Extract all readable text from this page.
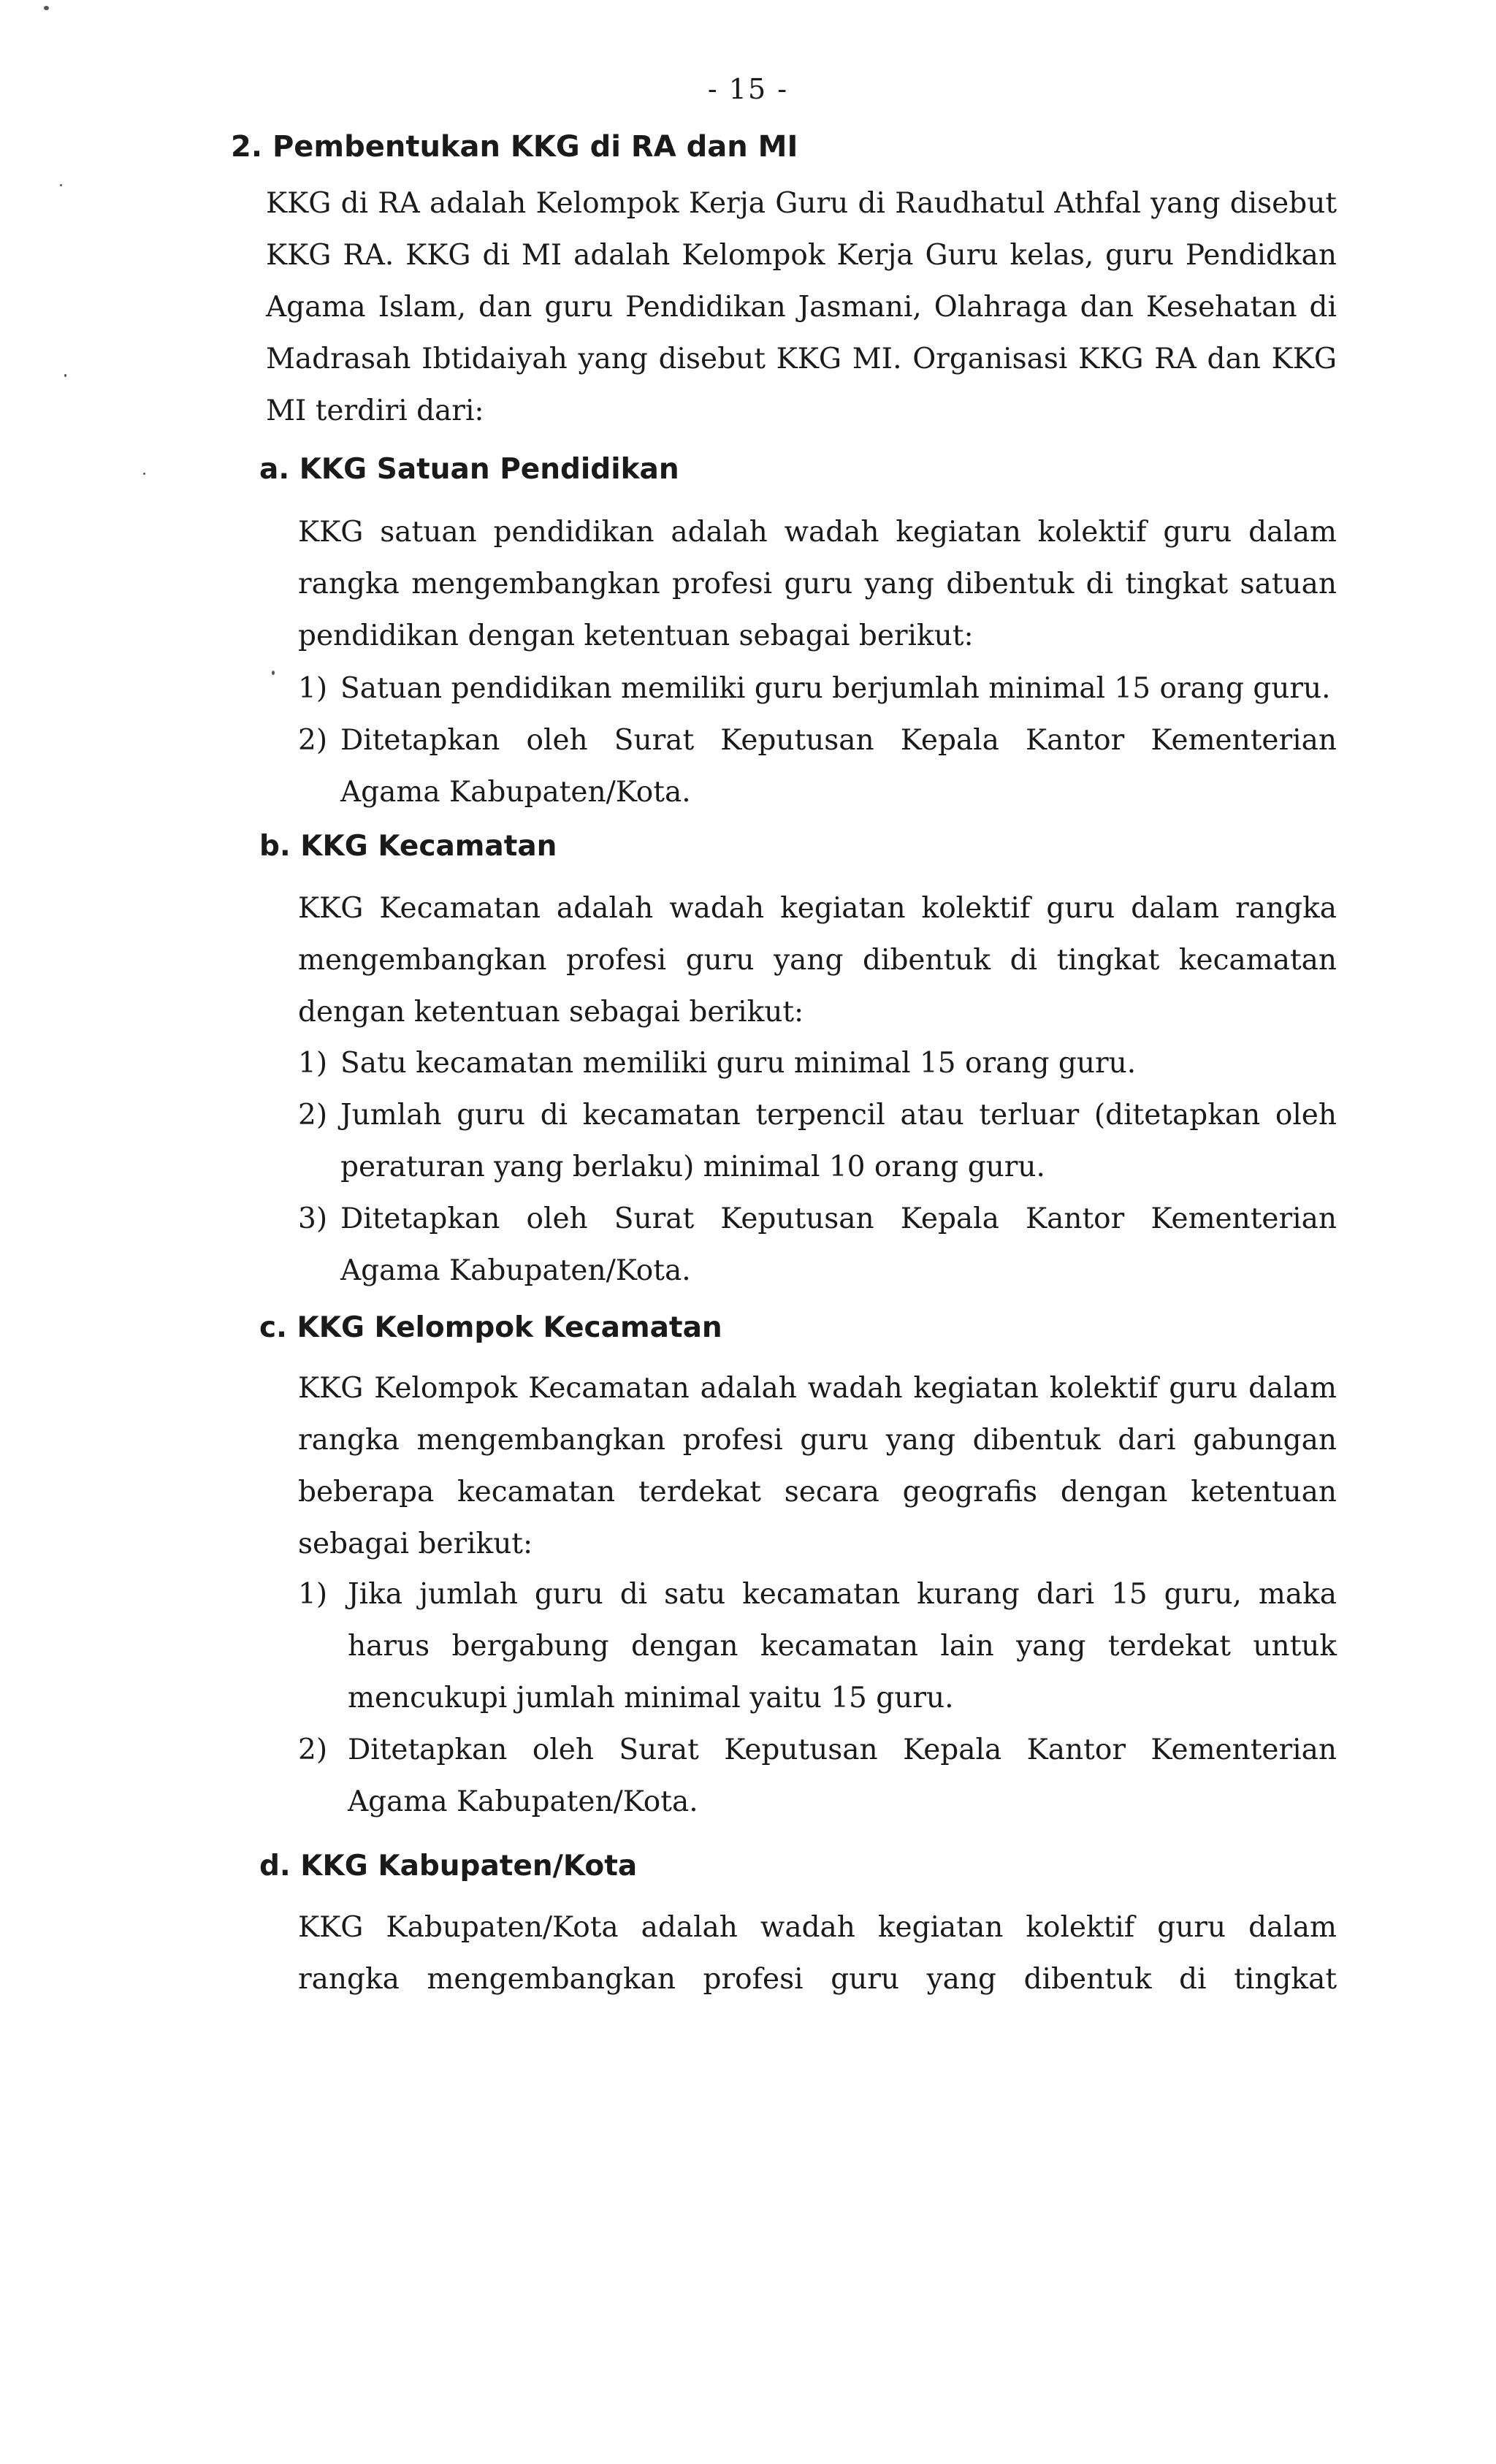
- 15 -
2. Pembentukan KKG di RA dan MI
KKG di RA adalah Kelompok Kerja Guru di Raudhatul Athfal yang disebut KKG RA. KKG di MI adalah Kelompok Kerja Guru kelas, guru Pendidkan Agama Islam, dan guru Pendidikan Jasmani, Olahraga dan Kesehatan di Madrasah Ibtidaiyah yang disebut KKG MI. Organisasi KKG RA dan KKG MI terdiri dari:
a. KKG Satuan Pendidikan
KKG satuan pendidikan adalah wadah kegiatan kolektif guru dalam rangka mengembangkan profesi guru yang dibentuk di tingkat satuan pendidikan dengan ketentuan sebagai berikut:
1) Satuan pendidikan memiliki guru berjumlah minimal 15 orang guru.
2) Ditetapkan oleh Surat Keputusan Kepala Kantor Kementerian Agama Kabupaten/Kota.
b. KKG Kecamatan
KKG Kecamatan adalah wadah kegiatan kolektif guru dalam rangka mengembangkan profesi guru yang dibentuk di tingkat kecamatan dengan ketentuan sebagai berikut:
1) Satu kecamatan memiliki guru minimal 15 orang guru.
2) Jumlah guru di kecamatan terpencil atau terluar (ditetapkan oleh peraturan yang berlaku) minimal 10 orang guru.
3) Ditetapkan oleh Surat Keputusan Kepala Kantor Kementerian Agama Kabupaten/Kota.
c. KKG Kelompok Kecamatan
KKG Kelompok Kecamatan adalah wadah kegiatan kolektif guru dalam rangka mengembangkan profesi guru yang dibentuk dari gabungan beberapa kecamatan terdekat secara geografis dengan ketentuan sebagai berikut:
1) Jika jumlah guru di satu kecamatan kurang dari 15 guru, maka harus bergabung dengan kecamatan lain yang terdekat untuk mencukupi jumlah minimal yaitu 15 guru.
2) Ditetapkan oleh Surat Keputusan Kepala Kantor Kementerian Agama Kabupaten/Kota.
d. KKG Kabupaten/Kota
KKG Kabupaten/Kota adalah wadah kegiatan kolektif guru dalam rangka mengembangkan profesi guru yang dibentuk di tingkat
